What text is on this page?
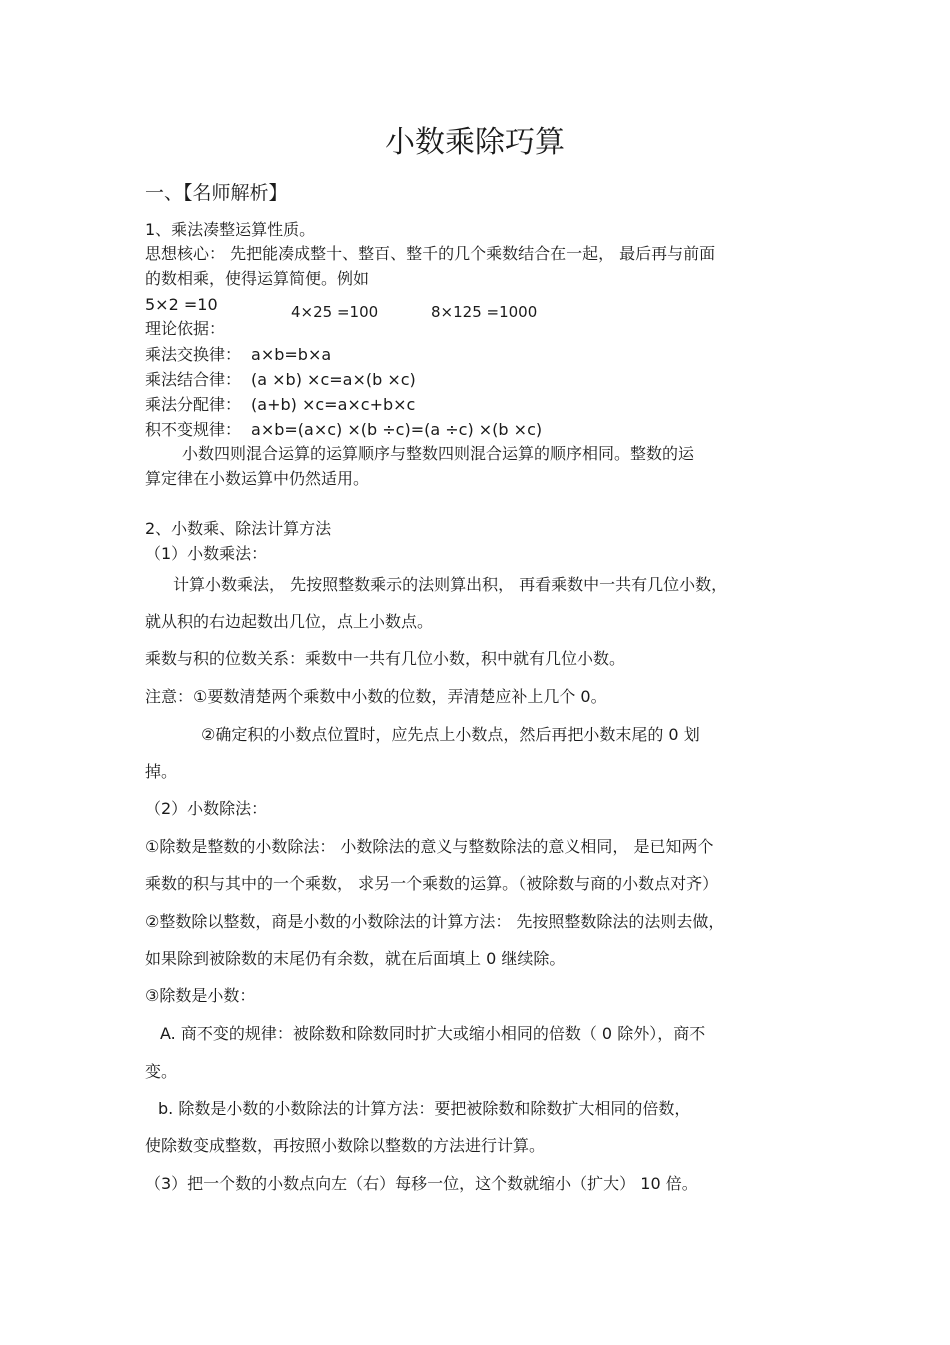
小数乘除巧算
一、【名师解析】
1、乘法凑整运算性质。
思想核心： 先把能凑成整十、整百、整千的几个乘数结合在一起， 最后再与前面
的数相乘，使得运算简便。例如
5×2 =10	4×25 =100	8×125 =1000
理论依据：
乘法交换律： a×b=b×a
乘法结合律： (a ×b) ×c=a×(b ×c)
乘法分配律： (a+b) ×c=a×c+b×c
积不变规律： a×b=(a×c) ×(b ÷c)=(a ÷c) ×(b ×c)
小数四则混合运算的运算顺序与整数四则混合运算的顺序相同。整数的运
算定律在小数运算中仍然适用。
2、小数乘、除法计算方法
（1）小数乘法：
计算小数乘法， 先按照整数乘示的法则算出积， 再看乘数中一共有几位小数，
就从积的右边起数出几位，点上小数点。
乘数与积的位数关系：乘数中一共有几位小数，积中就有几位小数。
注意：①要数清楚两个乘数中小数的位数，弄清楚应补上几个 0。
②确定积的小数点位置时，应先点上小数点，然后再把小数末尾的 0 划
掉。
（2）小数除法：
①除数是整数的小数除法： 小数除法的意义与整数除法的意义相同， 是已知两个
乘数的积与其中的一个乘数， 求另一个乘数的运算。（被除数与商的小数点对齐）
②整数除以整数，商是小数的小数除法的计算方法： 先按照整数除法的法则去做，
如果除到被除数的末尾仍有余数，就在后面填上 0 继续除。
③除数是小数：
A. 商不变的规律：被除数和除数同时扩大或缩小相同的倍数（ 0 除外），商不
变。
b. 除数是小数的小数除法的计算方法：要把被除数和除数扩大相同的倍数，
使除数变成整数，再按照小数除以整数的方法进行计算。
（3）把一个数的小数点向左（右）每移一位，这个数就缩小（扩大） 10 倍。
